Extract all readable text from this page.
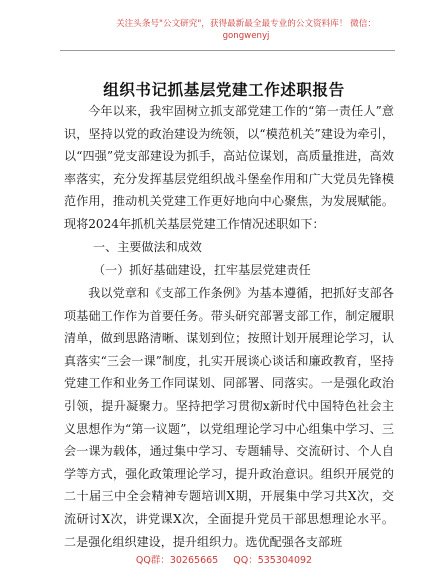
关注头条号"公文研究"，获得最新最全最专业的公文资料库！ 微信：gongwenyj
组织书记抓基层党建工作述职报告

今年以来，我牢固树立抓支部党建工作的“第一责任人”意识，坚持以党的政治建设为统领，以“模范机关”建设为牵引，以“四强”党支部建设为抓手，高站位谋划，高质量推进，高效率落实，充分发挥基层党组织战斗堡垒作用和广大党员先锋模范作用，推动机关党建工作更好地向中心聚焦，为发展赋能。现将2024年抓机关基层党建工作情况述职如下：

一、主要做法和成效

（一）抓好基础建设，扛牢基层党建责任

我以党章和《支部工作条例》为基本遵循，把抓好支部各项基础工作作为首要任务。带头研究部署支部工作，制定履职清单，做到思路清晰、谋划到位；按照计划开展理论学习，认真落实“三会一课”制度，扎实开展谈心谈话和廉政教育，坚持党建工作和业务工作同谋划、同部署、同落实。一是强化政治引领，提升凝聚力。坚持把学习贯彻x新时代中国特色社会主义思想作为“第一议题”，以党组理论学习中心组集中学习、三会一课为载体，通过集中学习、专题辅导、交流研讨、个人自学等方式，强化政策理论学习，提升政治意识。组织开展党的二十届三中全会精神专题培训X期，开展集中学习共X次，交流研讨X次，讲党课X次，全面提升党员干部思想理论水平。二是强化组织建设，提升组织力。选优配强各支部班

QQ群：30265665 QQ：535304092
